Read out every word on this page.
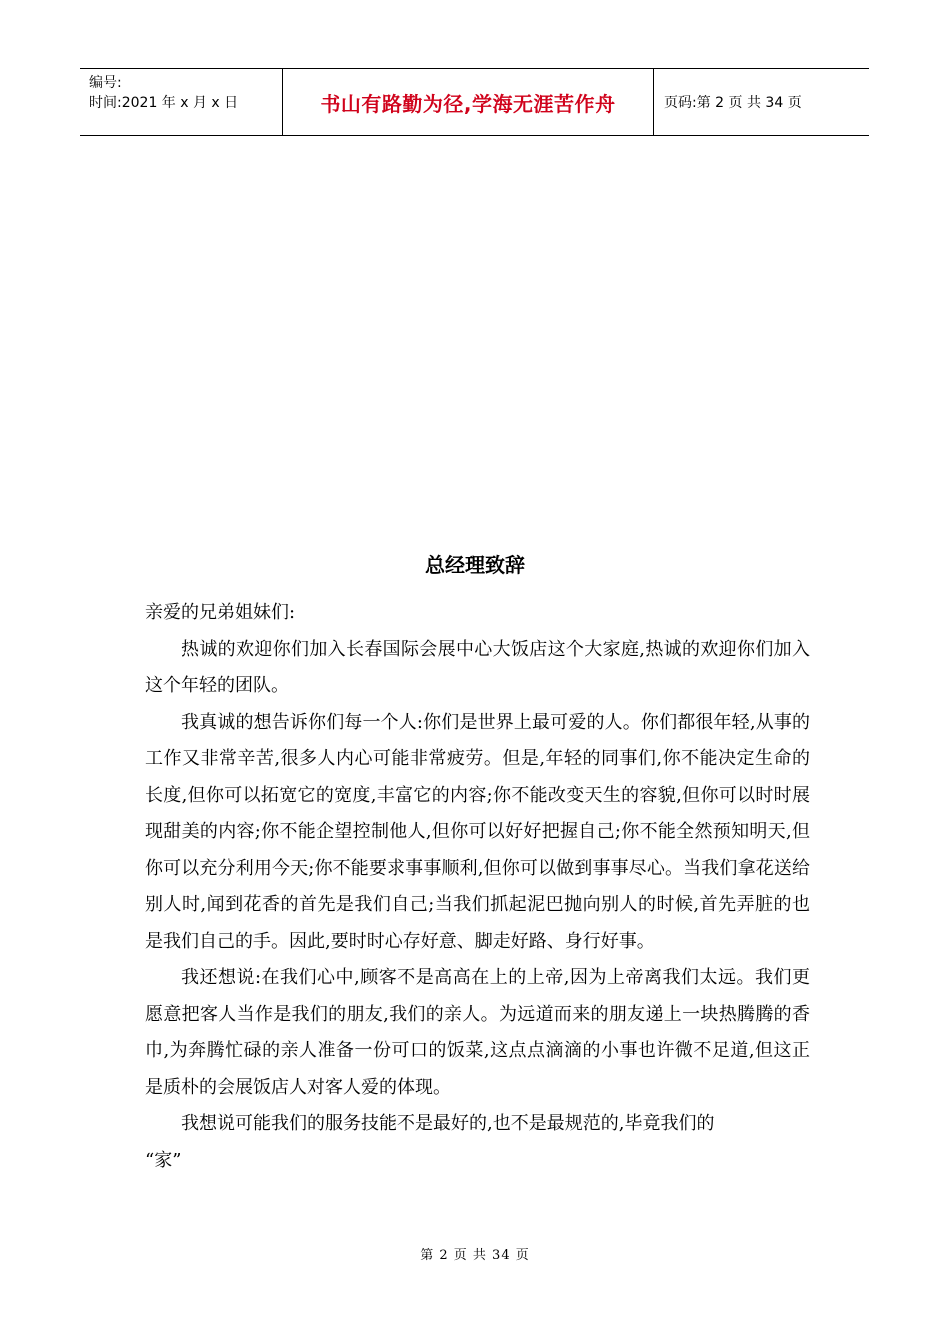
编号:
时间:2021 年 x 月 x 日	书山有路勤为径,学海无涯苦作舟	页码:第 2 页 共 34 页
总经理致辞

亲爱的兄弟姐妹们:

热诚的欢迎你们加入长春国际会展中心大饭店这个大家庭,热诚的欢迎你们加入这个年轻的团队。

我真诚的想告诉你们每一个人:你们是世界上最可爱的人。你们都很年轻,从事的工作又非常辛苦,很多人内心可能非常疲劳。但是,年轻的同事们,你不能决定生命的长度,但你可以拓宽它的宽度,丰富它的内容;你不能改变天生的容貌,但你可以时时展现甜美的内容;你不能企望控制他人,但你可以好好把握自己;你不能全然预知明天,但你可以充分利用今天;你不能要求事事顺利,但你可以做到事事尽心。当我们拿花送给别人时,闻到花香的首先是我们自己;当我们抓起泥巴抛向别人的时候,首先弄脏的也是我们自己的手。因此,要时时心存好意、脚走好路、身行好事。

我还想说:在我们心中,顾客不是高高在上的上帝,因为上帝离我们太远。我们更愿意把客人当作是我们的朋友,我们的亲人。为远道而来的朋友递上一块热腾腾的香巾,为奔腾忙碌的亲人准备一份可口的饭菜,这点点滴滴的小事也许微不足道,但这正是质朴的会展饭店人对客人爱的体现。

我想说可能我们的服务技能不是最好的,也不是最规范的,毕竟我们的

“家”

第 2 页 共 34 页
